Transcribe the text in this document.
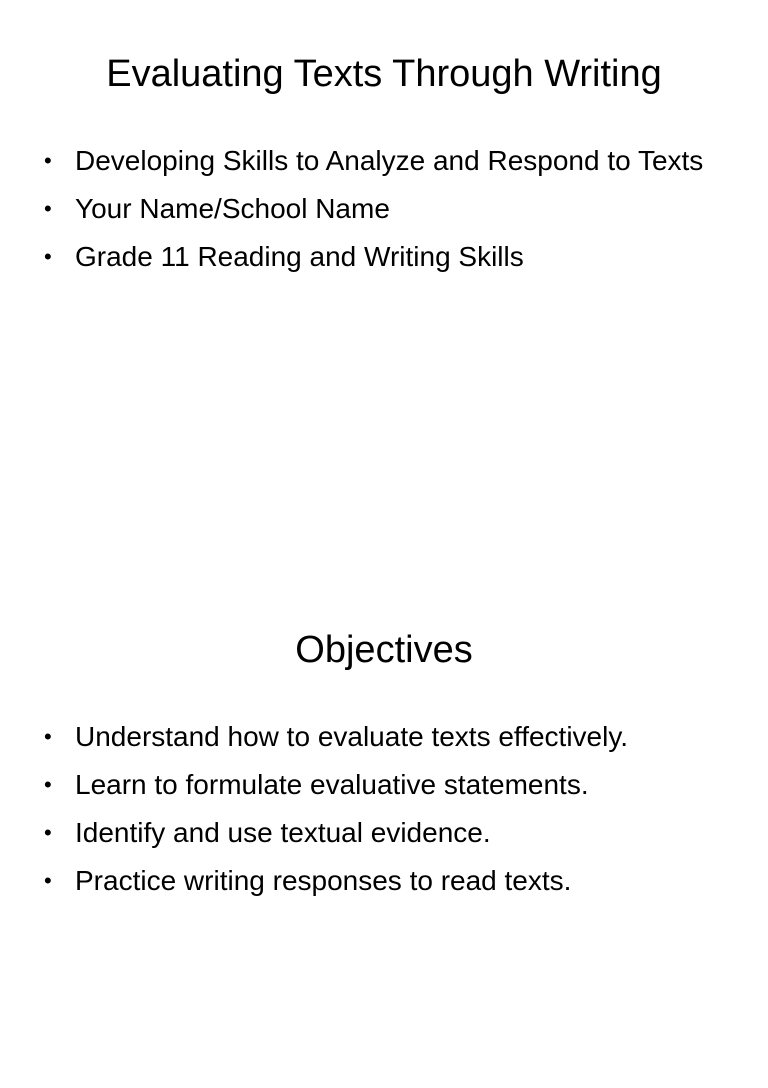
Evaluating Texts Through Writing
• Developing Skills to Analyze and Respond to Texts
• Your Name/School Name
• Grade 11 Reading and Writing Skills
Objectives
• Understand how to evaluate texts effectively.
• Learn to formulate evaluative statements.
• Identify and use textual evidence.
• Practice writing responses to read texts.
